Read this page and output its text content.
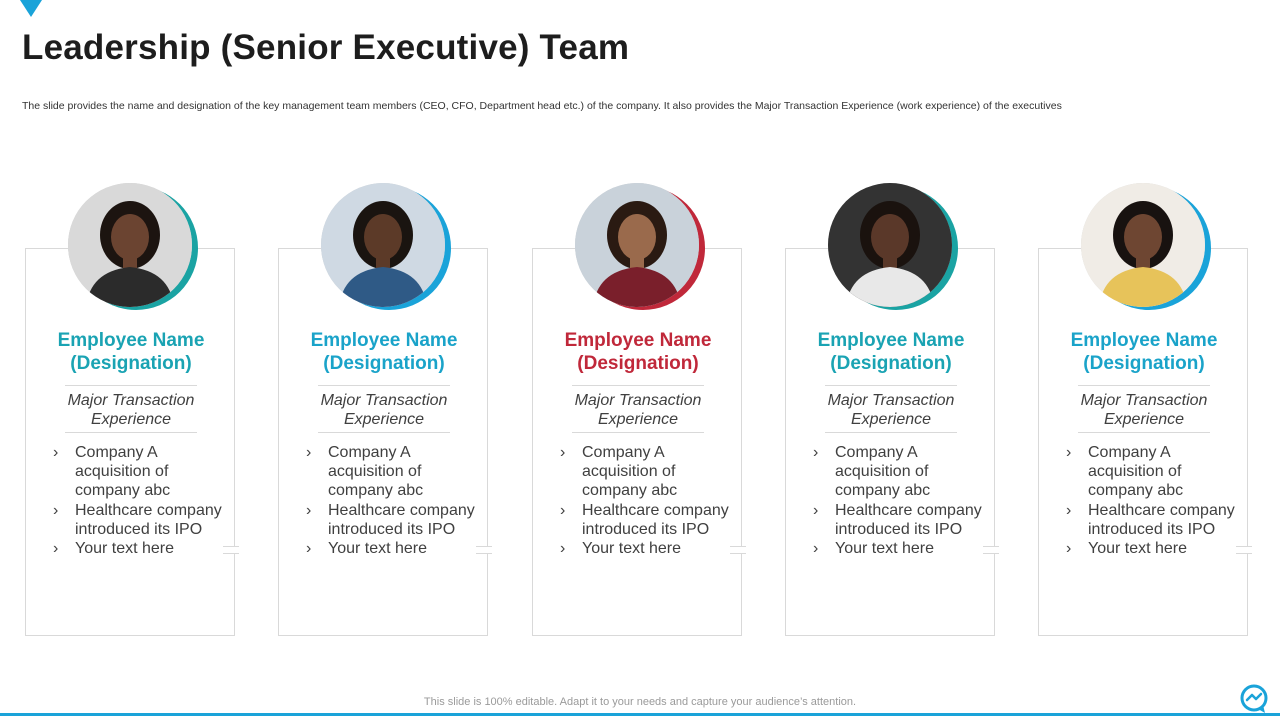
Leadership (Senior Executive) Team

The slide provides the name and designation of the key management team members (CEO, CFO, Department head etc.) of the company. It also provides the Major Transaction Experience (work experience) of the executives

Employee Name
(Designation)
Major Transaction
Experience
› Company A acquisition of company abc
› Healthcare company introduced its IPO
› Your text here
Employee Name
(Designation)
Major Transaction
Experience
› Company A acquisition of company abc
› Healthcare company introduced its IPO
› Your text here
Employee Name
(Designation)
Major Transaction
Experience
› Company A acquisition of company abc
› Healthcare company introduced its IPO
› Your text here
Employee Name
(Designation)
Major Transaction
Experience
› Company A acquisition of company abc
› Healthcare company introduced its IPO
› Your text here
Employee Name
(Designation)
Major Transaction
Experience
› Company A acquisition of company abc
› Healthcare company introduced its IPO
› Your text here
This slide is 100% editable. Adapt it to your needs and capture your audience’s attention.
